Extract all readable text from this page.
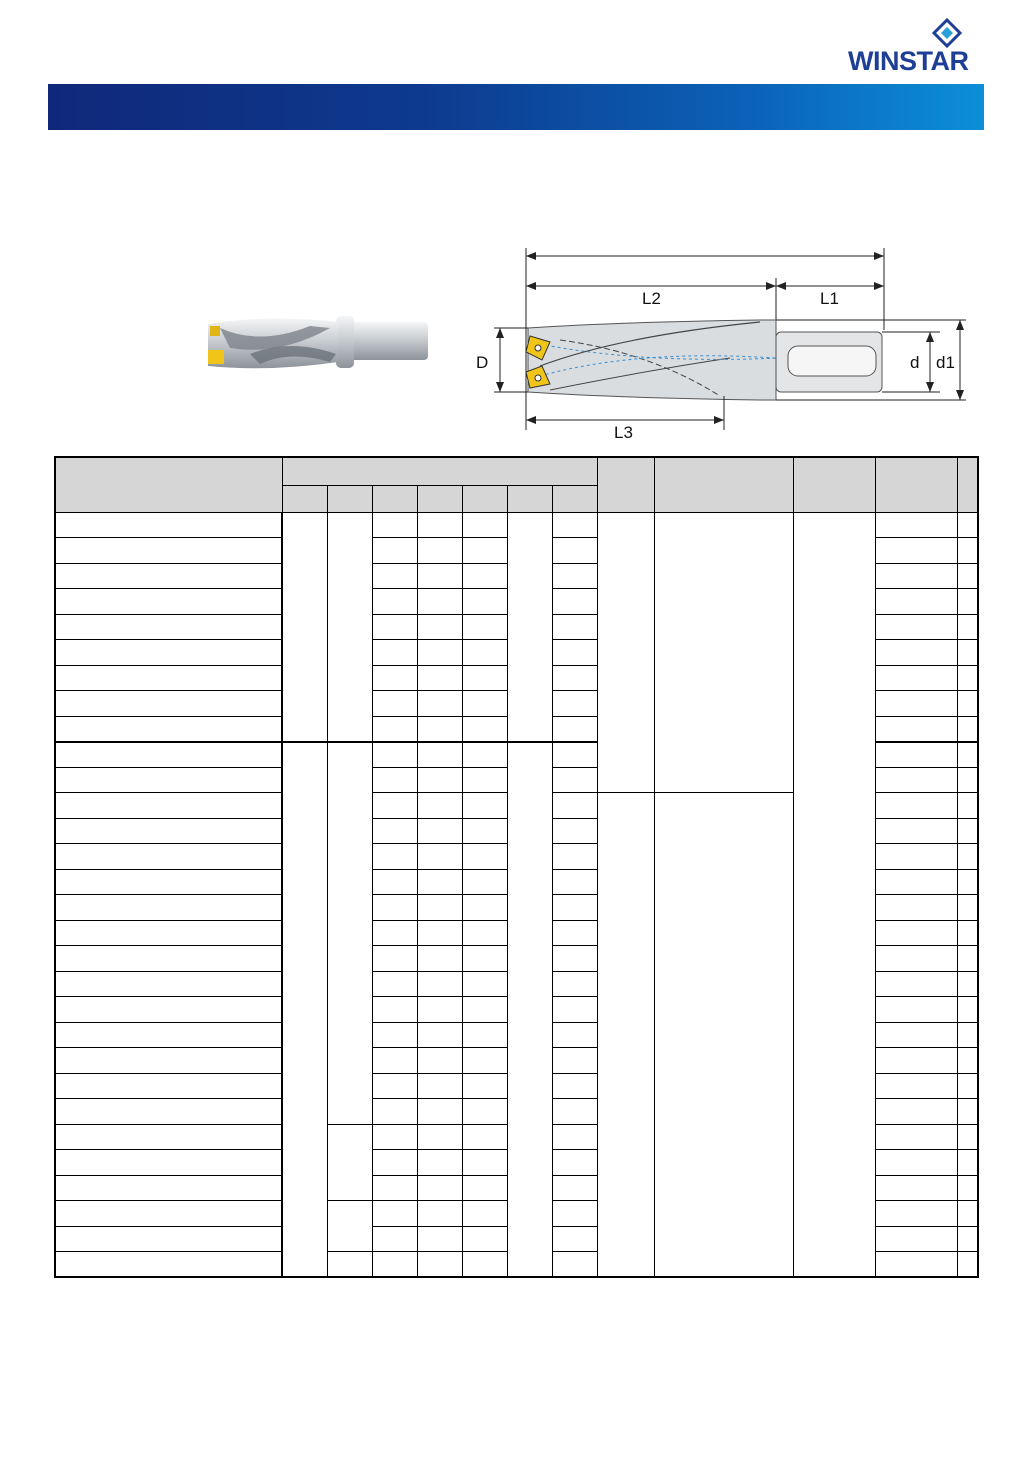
WINSTAR
L2	L1
L3
D	d d1
